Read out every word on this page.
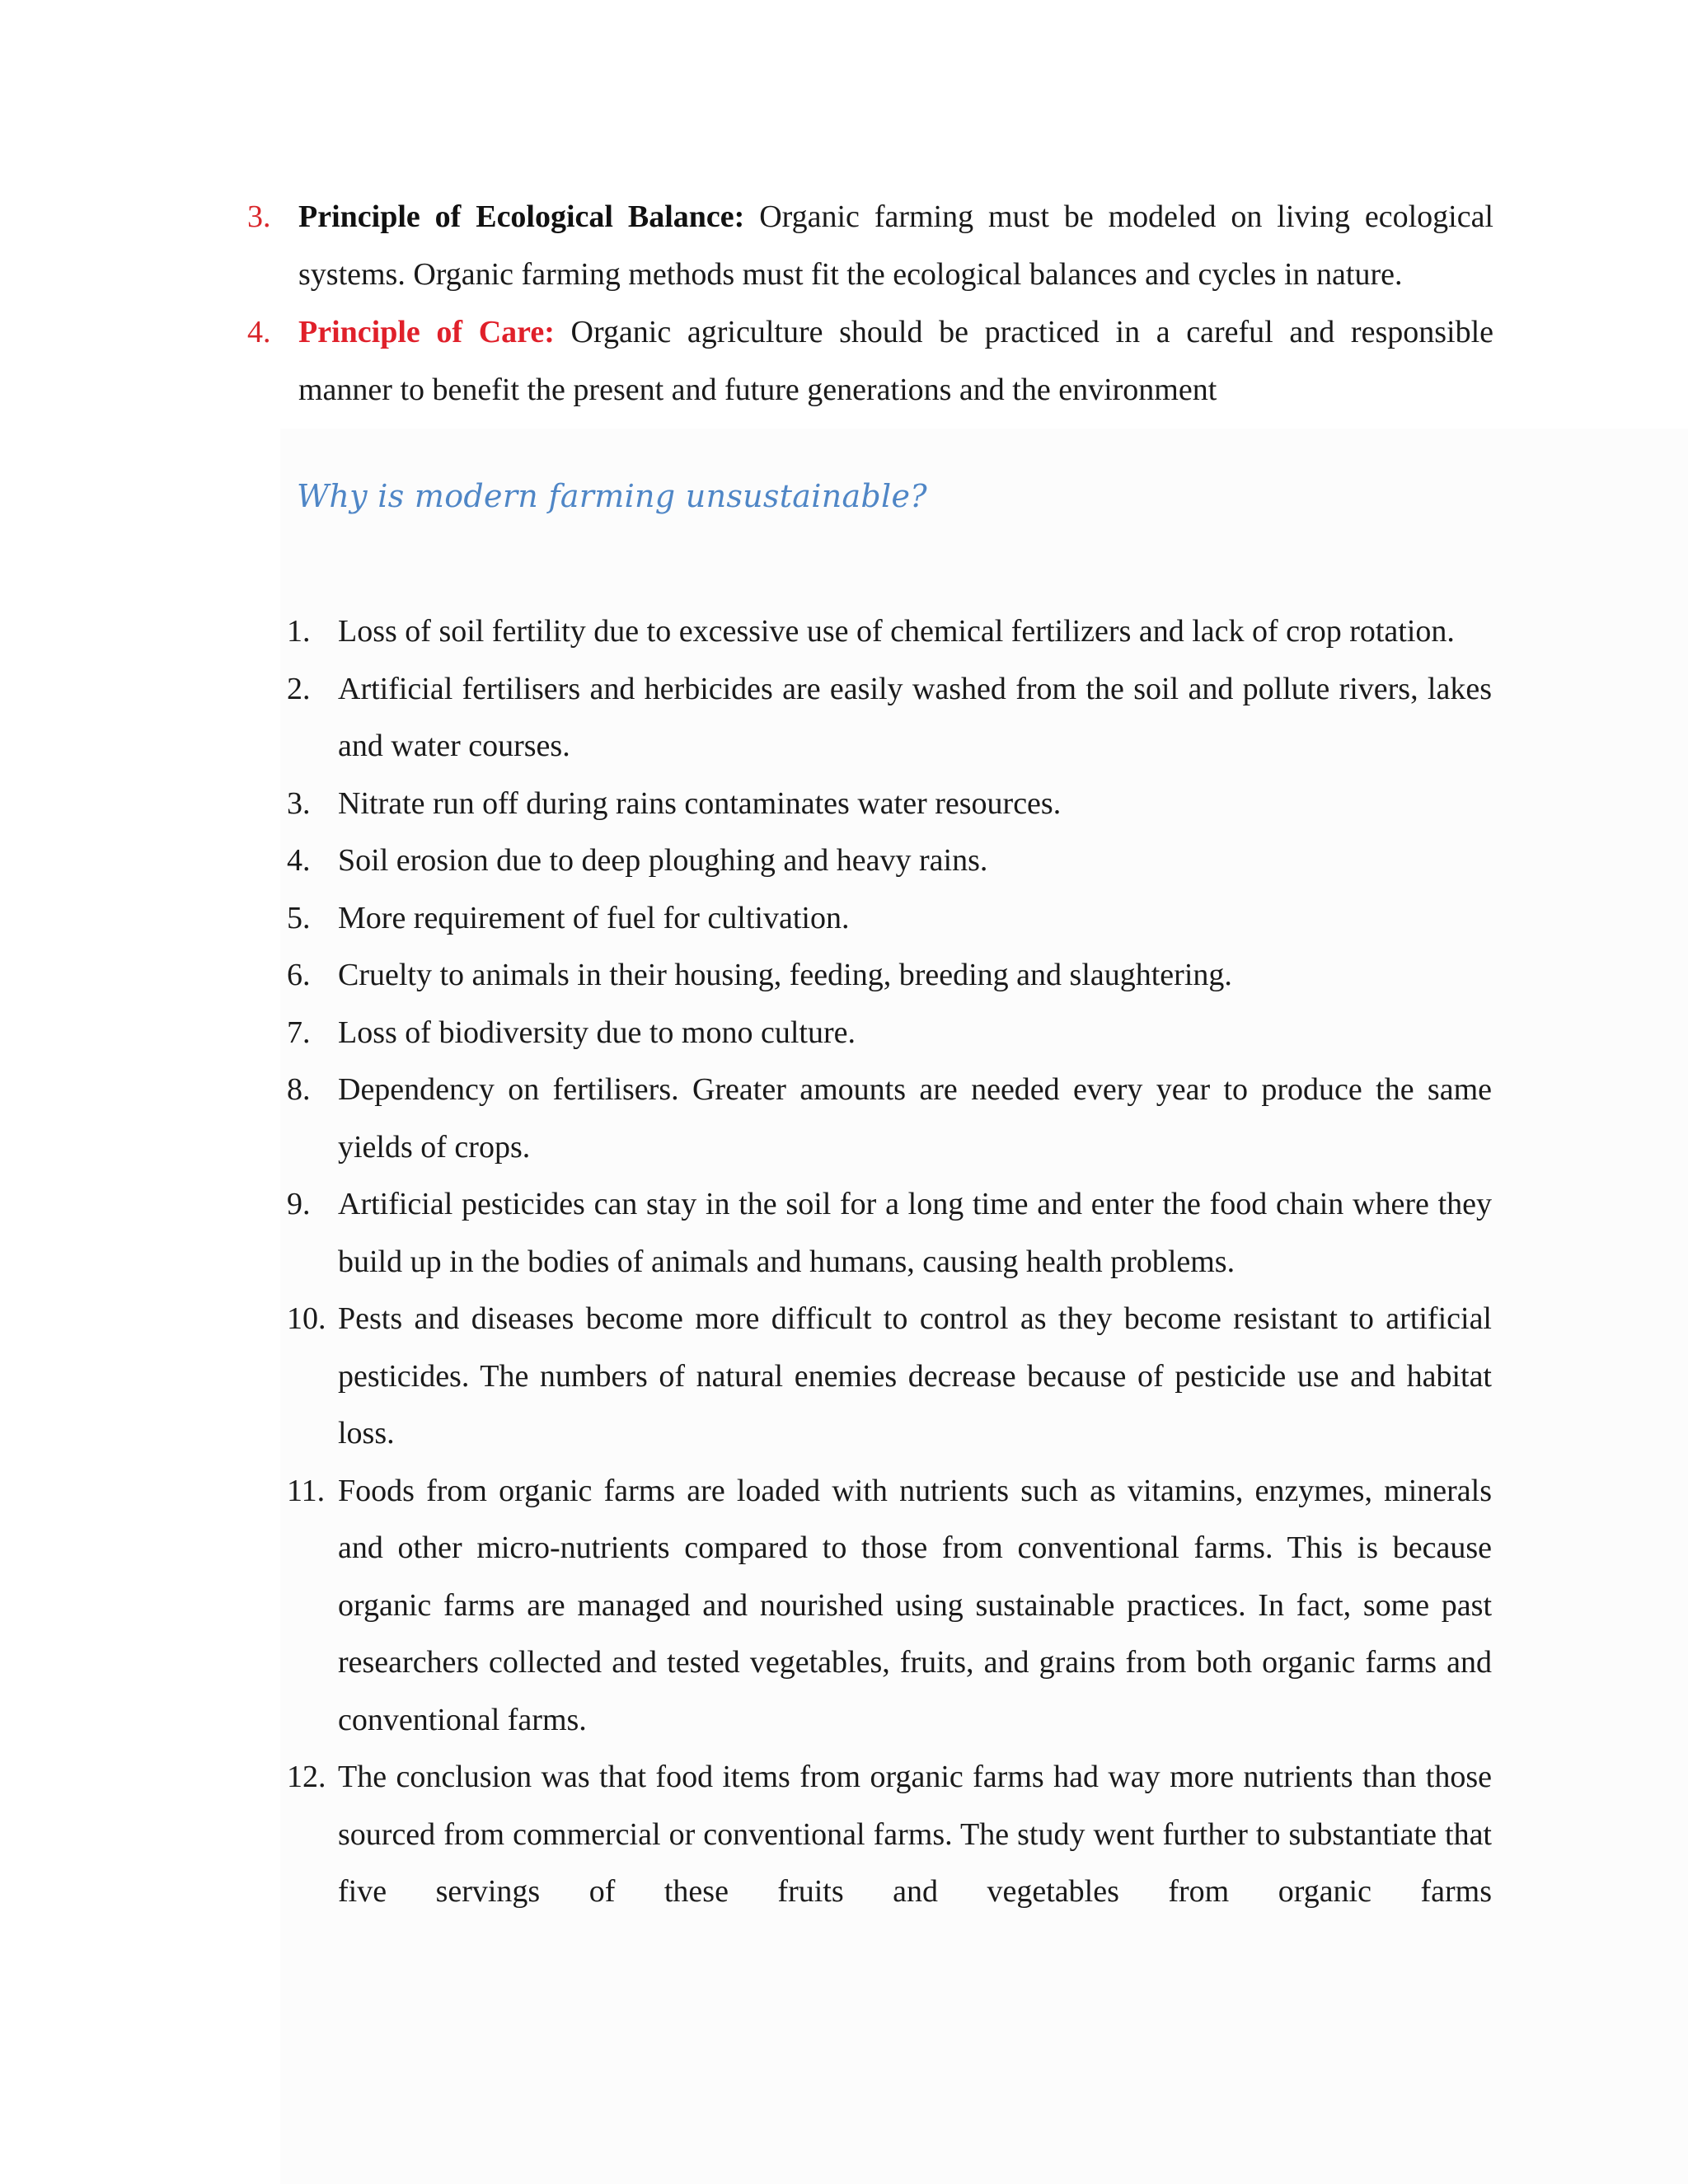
3. Principle of Ecological Balance: Organic farming must be modeled on living ecological systems. Organic farming methods must fit the ecological balances and cycles in nature.
4. Principle of Care: Organic agriculture should be practiced in a careful and responsible manner to benefit the present and future generations and the environment
Why is modern farming unsustainable?
1. Loss of soil fertility due to excessive use of chemical fertilizers and lack of crop rotation.
2. Artificial fertilisers and herbicides are easily washed from the soil and pollute rivers, lakes and water courses.
3. Nitrate run off during rains contaminates water resources.
4. Soil erosion due to deep ploughing and heavy rains.
5. More requirement of fuel for cultivation.
6. Cruelty to animals in their housing, feeding, breeding and slaughtering.
7. Loss of biodiversity due to mono culture.
8. Dependency on fertilisers. Greater amounts are needed every year to produce the same yields of crops.
9. Artificial pesticides can stay in the soil for a long time and enter the food chain where they build up in the bodies of animals and humans, causing health problems.
10. Pests and diseases become more difficult to control as they become resistant to artificial pesticides. The numbers of natural enemies decrease because of pesticide use and habitat loss.
11. Foods from organic farms are loaded with nutrients such as vitamins, enzymes, minerals and other micro-nutrients compared to those from conventional farms. This is because organic farms are managed and nourished using sustainable practices. In fact, some past researchers collected and tested vegetables, fruits, and grains from both organic farms and conventional farms.
12. The conclusion was that food items from organic farms had way more nutrients than those sourced from commercial or conventional farms. The study went further to substantiate that five servings of these fruits and vegetables from organic farms
